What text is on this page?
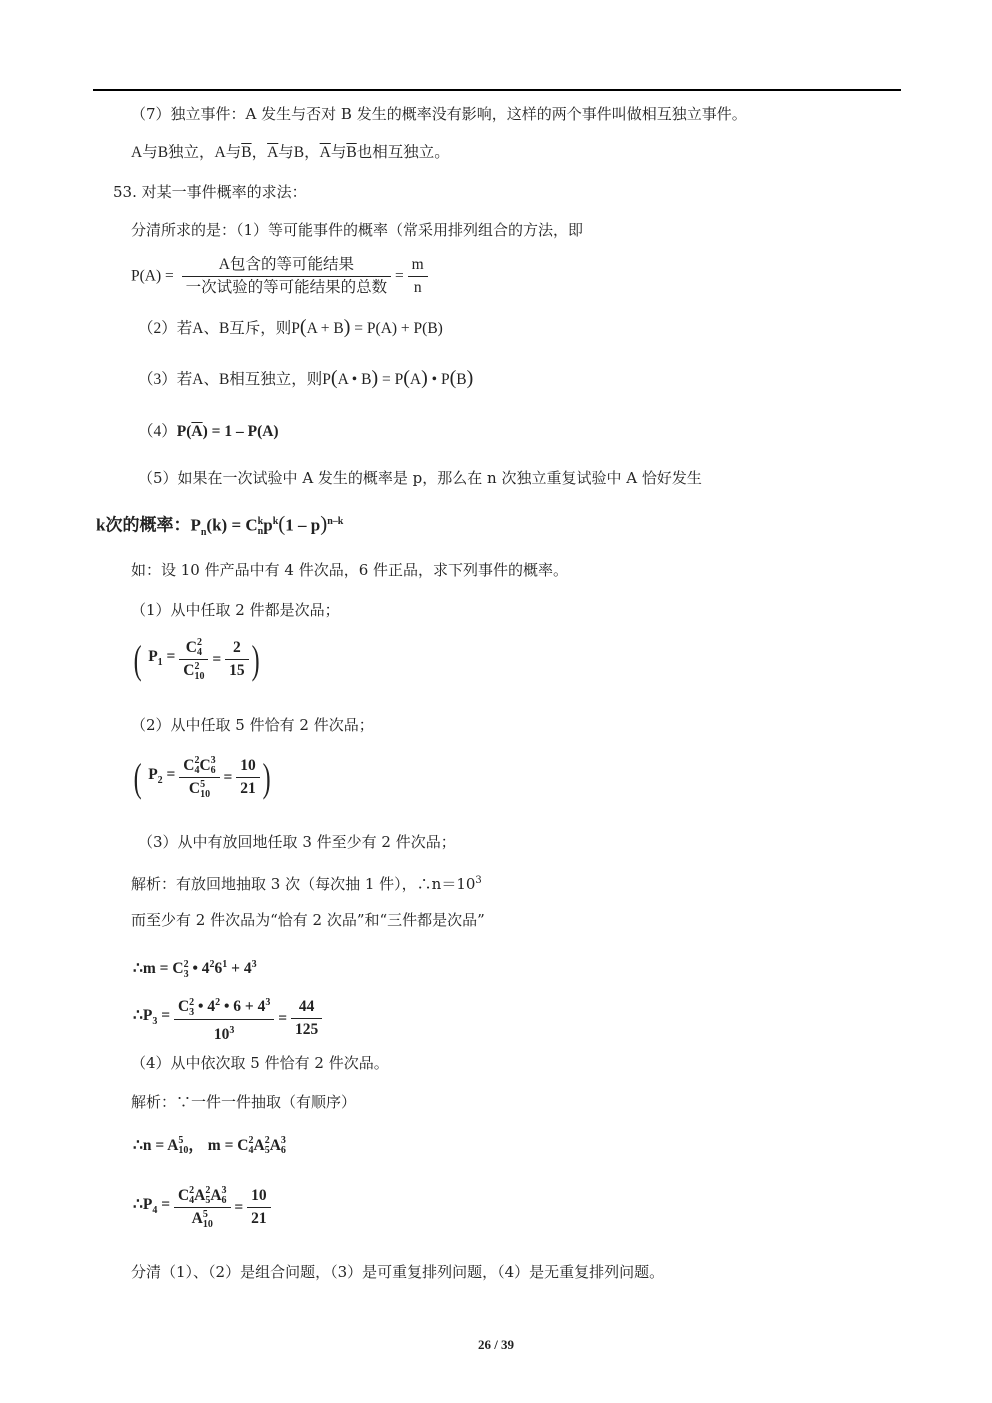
（7）独立事件：A 发生与否对 B 发生的概率没有影响，这样的两个事件叫做相互独立事件。
A与B独立，A与$\overline{B}$，$\overline{A}$与B，$\overline{A}$与$\overline{B}$也相互独立。
53. 对某一事件概率的求法：
分清所求的是：（1）等可能事件的概率（常采用排列组合的方法，即
$P(A) = \frac{\text{A包含的等可能结果}}{\text{一次试验的等可能结果的总数}} = \frac{m}{n}$
（2）若A、B互斥，则P(A + B) = P(A) + P(B)
（3）若A、B相互独立，则P(A • B) = P(A) • P(B)
$(4)P(\overline{A}) = 1 - P(A)$
（5）如果在一次试验中 A 发生的概率是 p，那么在 n 次独立重复试验中 A 恰好发生
k次的概率：$P_n(k) = C$ k
n $p^k(1 - p)^{n-k}$
如：设 10 件产品中有 4 件次品，6 件正品，求下列事件的概率。
（1）从中任取 2 件都是次品；
( $P_1 = C$ 2
4
C 2
$10 = \frac{2}{15}$ )
（2）从中任取 5 件恰有 2 件次品；
( $P_2 = C$ 2
4 C 3
6
C 5
$10 = \frac{10}{21}$ )
（3）从中有放回地任取 3 件至少有 2 件次品；
解析：有放回地抽取 3 次（每次抽 1 件），$\therefore n=10^3$
而至少有 2 件次品为“恰有 2 次品”和“三件都是次品”
∴m = C 2
3 • $4^26^1 + 4^3$
$\therefore P_3 = C$ 2
3 • $4^2$ • $6 + 4^3$
$10^3 = \frac{44}{125}$
（4）从中依次取 5 件恰有 2 件次品。
解析：∵一件一件抽取（有顺序）
∴n = A 5
10 ， m = C 2
4 A 2
5 A 3
6
$\therefore P_4 = C$ 2
4 A 2
5 A 3
6
A 5
$10 = \frac{10}{21}$
分清（1）、（2）是组合问题，（3）是可重复排列问题，（4）是无重复排列问题。
26 / 39
